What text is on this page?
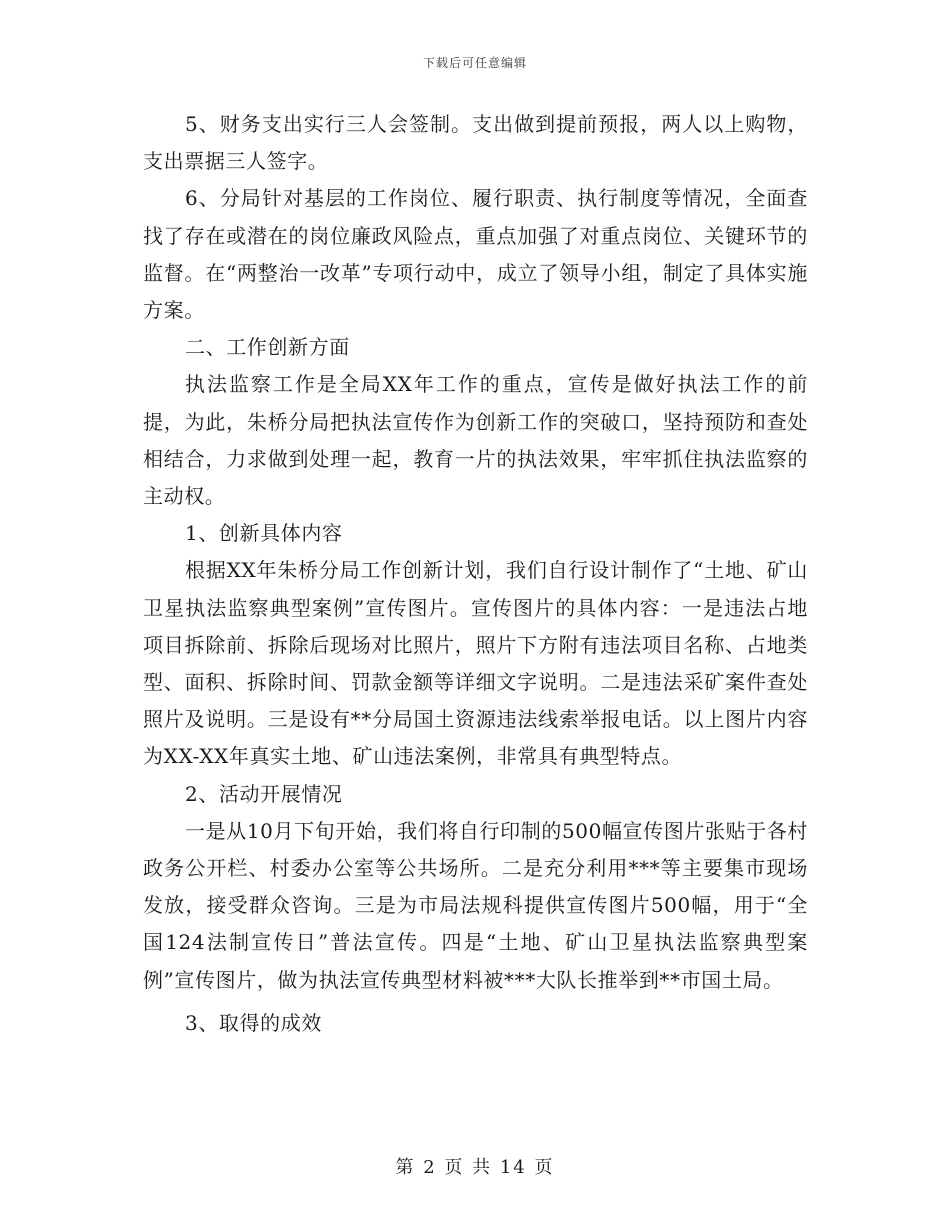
下载后可任意编辑

5、财务支出实行三人会签制。支出做到提前预报，两人以上购物，支出票据三人签字。

6、分局针对基层的工作岗位、履行职责、执行制度等情况，全面查找了存在或潜在的岗位廉政风险点，重点加强了对重点岗位、关键环节的监督。在“两整治一改革”专项行动中，成立了领导小组，制定了具体实施方案。

二、工作创新方面

执法监察工作是全局XX年工作的重点，宣传是做好执法工作的前提，为此，朱桥分局把执法宣传作为创新工作的突破口，坚持预防和查处相结合，力求做到处理一起，教育一片的执法效果，牢牢抓住执法监察的主动权。

1、创新具体内容

根据XX年朱桥分局工作创新计划，我们自行设计制作了“土地、矿山卫星执法监察典型案例”宣传图片。宣传图片的具体内容：一是违法占地项目拆除前、拆除后现场对比照片，照片下方附有违法项目名称、占地类型、面积、拆除时间、罚款金额等详细文字说明。二是违法采矿案件查处照片及说明。三是设有**分局国土资源违法线索举报电话。以上图片内容为XX-XX年真实土地、矿山违法案例，非常具有典型特点。

2、活动开展情况

一是从10月下旬开始，我们将自行印制的500幅宣传图片张贴于各村政务公开栏、村委办公室等公共场所。二是充分利用***等主要集市现场发放，接受群众咨询。三是为市局法规科提供宣传图片500幅，用于“全国124法制宣传日”普法宣传。四是“土地、矿山卫星执法监察典型案例”宣传图片，做为执法宣传典型材料被***大队长推举到**市国土局。

3、取得的成效

第 2 页 共 14 页
